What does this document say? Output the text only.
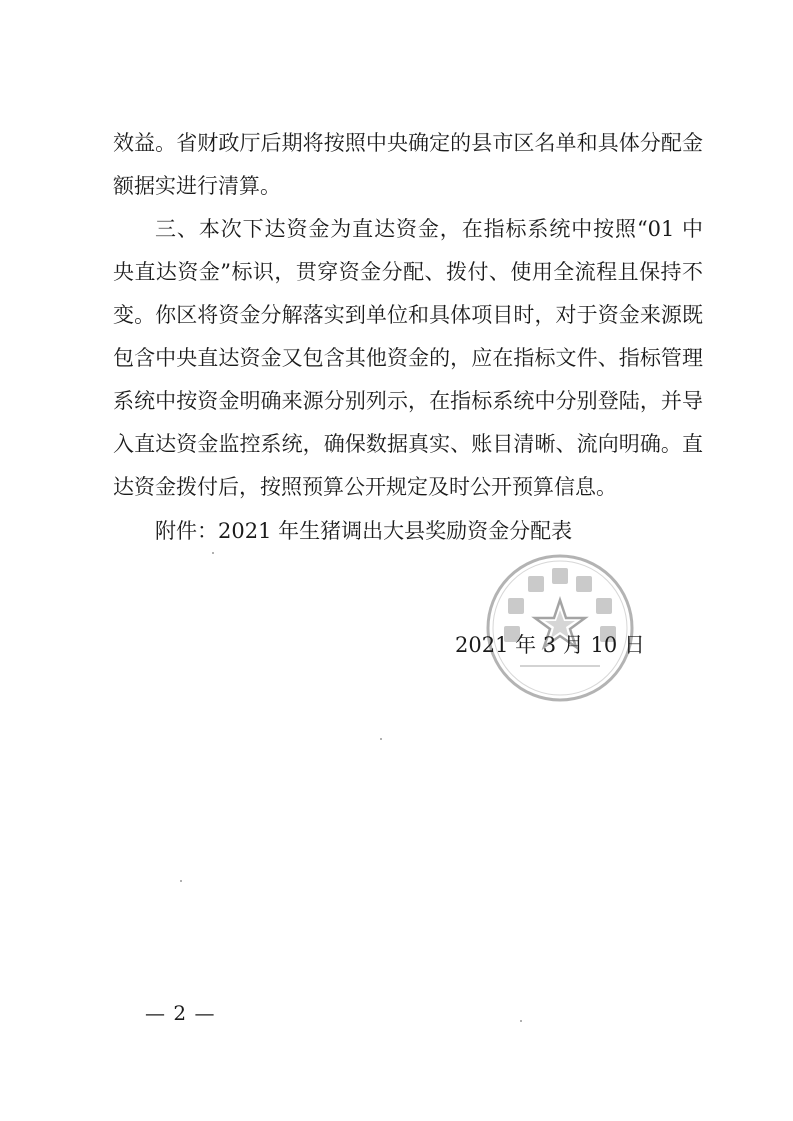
效益。省财政厅后期将按照中央确定的县市区名单和具体分配金
额据实进行清算。
三、本次下达资金为直达资金，在指标系统中按照“01 中
央直达资金”标识，贯穿资金分配、拨付、使用全流程且保持不
变。你区将资金分解落实到单位和具体项目时，对于资金来源既
包含中央直达资金又包含其他资金的，应在指标文件、指标管理
系统中按资金明确来源分别列示，在指标系统中分别登陆，并导
入直达资金监控系统，确保数据真实、账目清晰、流向明确。直
达资金拨付后，按照预算公开规定及时公开预算信息。
附件：2021 年生猪调出大县奖励资金分配表
2021 年 3 月 10 日
— 2 —
